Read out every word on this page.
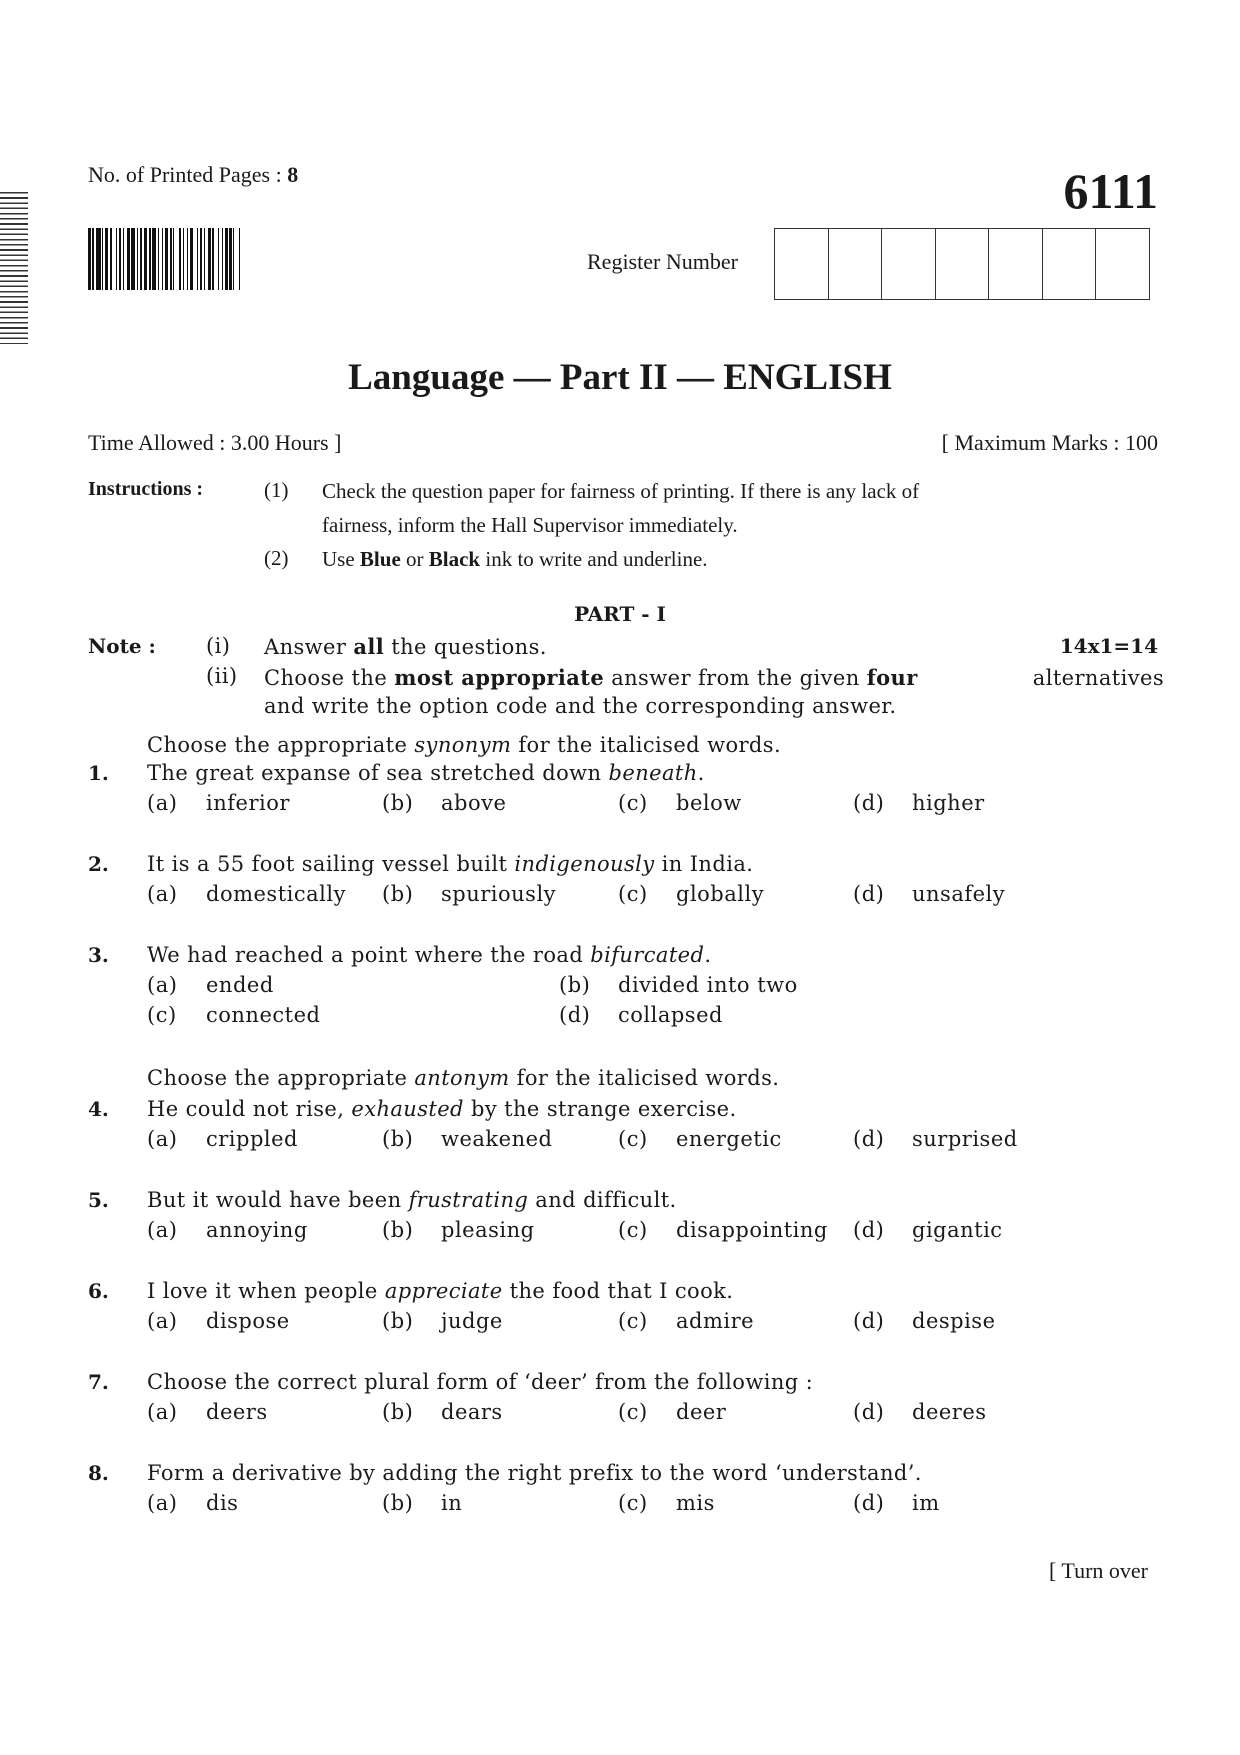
No. of Printed Pages : 8	6111
Register Number
Language — Part II — ENGLISH
Time Allowed : 3.00 Hours ]	[ Maximum Marks : 100
Instructions :	(1) Check the question paper for fairness of printing. If there is any lack of
fairness, inform the Hall Supervisor immediately.
(2) Use Blue or Black ink to write and underline.
PART - I
Note :	14x1=14
(i) Answer all the questions.
(ii) Choose the most appropriate answer from the given four	alternatives
and write the option code and the corresponding answer.
Choose the appropriate synonym for the italicised words.
Choose the appropriate antonym for the italicised words.
1. The great expanse of sea stretched down beneath.
(a) inferior	(b) above	(c) below	(d) higher
2. It is a 55 foot sailing vessel built indigenously in India.
(a) domestically (b) spuriously	(c) globally	(d) unsafely
3. We had reached a point where the road bifurcated.
(a) ended	(b) divided into two
(c) connected	(d) collapsed
4. He could not rise, exhausted by the strange exercise.
(a) crippled	(b) weakened	(c) energetic	(d) surprised
5. But it would have been frustrating and difficult.
(a) annoying	(b) pleasing	(c) disappointing (d) gigantic
6. I love it when people appreciate the food that I cook.
(a) dispose	(b) judge	(c) admire	(d) despise
7. Choose the correct plural form of ‘deer’ from the following :
(a) deers	(b) dears	(c) deer	(d) deeres
8. Form a derivative by adding the right prefix to the word ‘understand’.
(a) dis	(b) in	(c) mis	(d) im
[ Turn over
